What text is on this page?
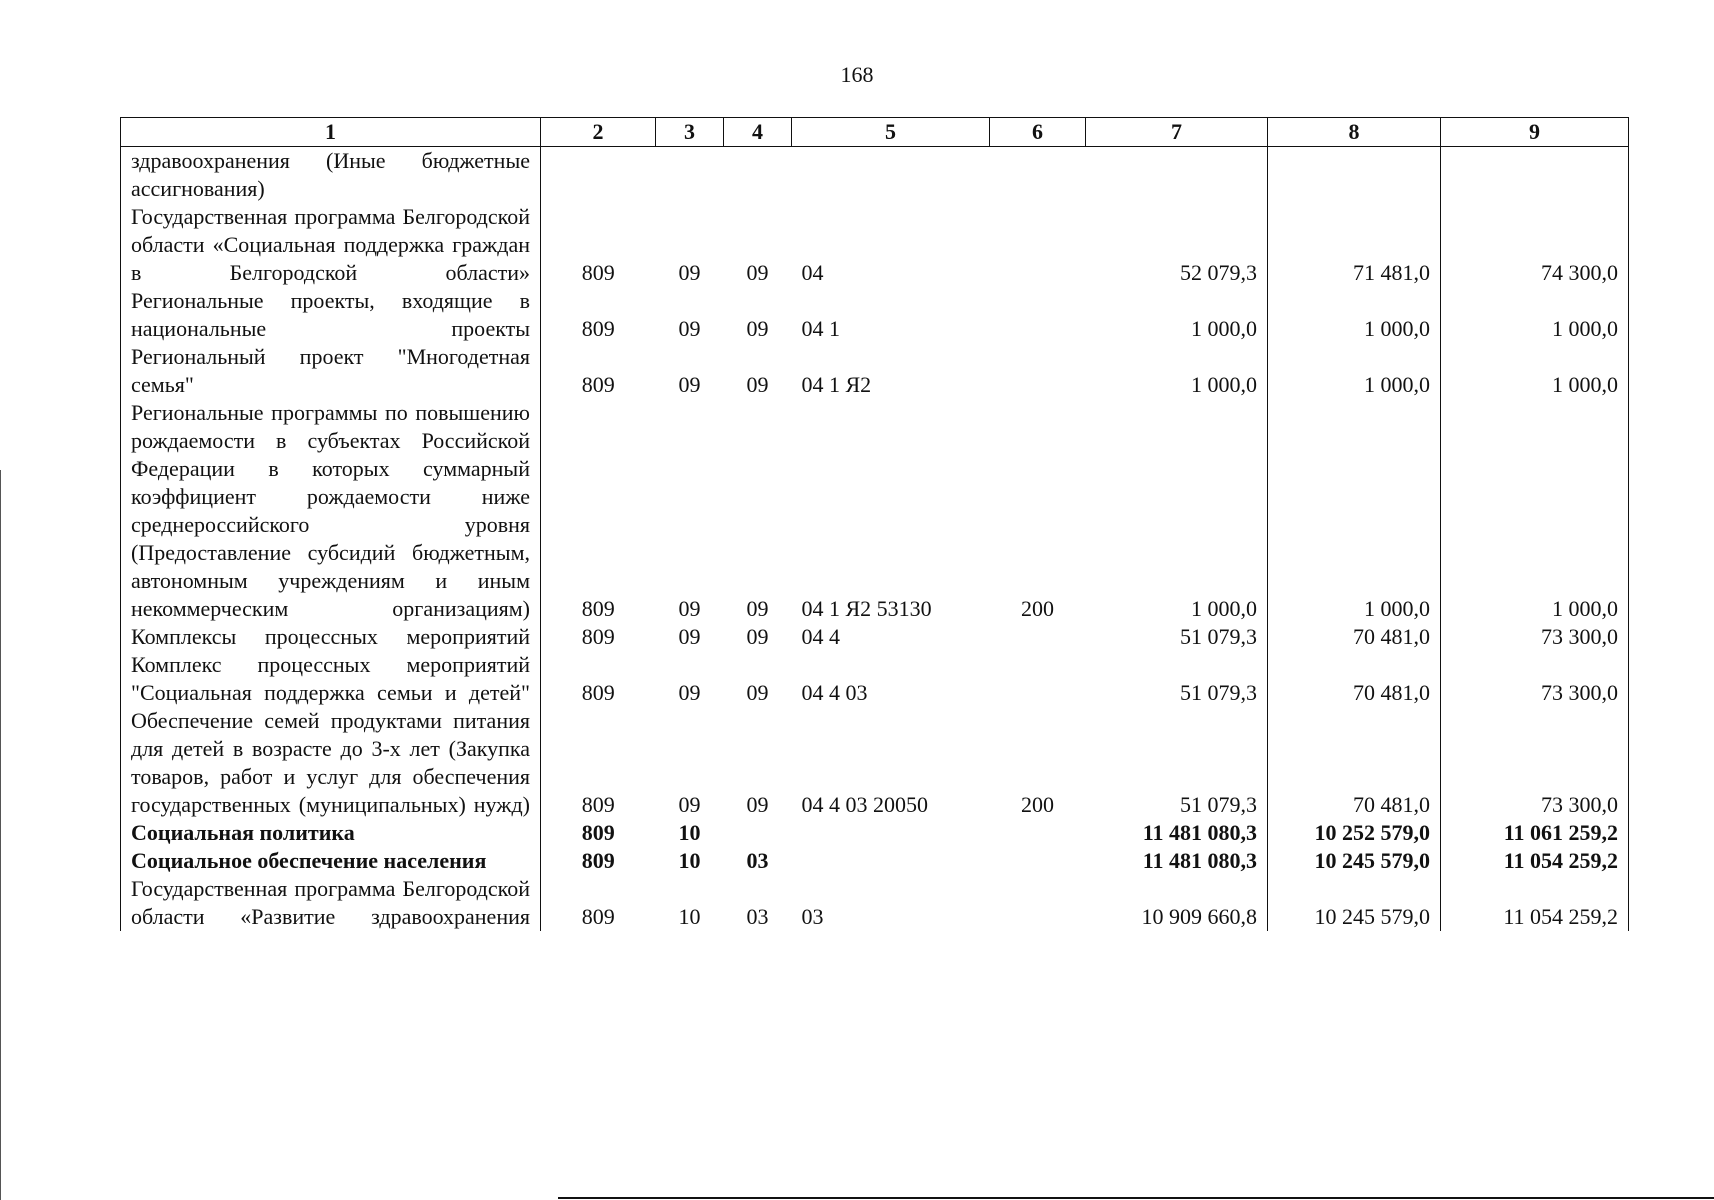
168
1	2	3	4	5	6	7	8	9
здравоохранения (Иные бюджетные ассигнования)								
Государственная программа Белгородской области «Социальная поддержка граждан в Белгородской области»	809	09	09	04		52 079,3	71 481,0	74 300,0
Региональные проекты, входящие в национальные проекты	809	09	09	04 1		1 000,0	1 000,0	1 000,0
Региональный проект "Многодетная семья"	809	09	09	04 1 Я2		1 000,0	1 000,0	1 000,0
Региональные программы по повышению рождаемости в субъектах Российской Федерации в которых суммарный коэффициент рождаемости ниже среднероссийского уровня (Предоставление субсидий бюджетным, автономным учреждениям и иным некоммерческим организациям)	809	09	09	04 1 Я2 53130	200	1 000,0	1 000,0	1 000,0
Комплексы процессных мероприятий	809	09	09	04 4		51 079,3	70 481,0	73 300,0
Комплекс процессных мероприятий "Социальная поддержка семьи и детей"	809	09	09	04 4 03		51 079,3	70 481,0	73 300,0
Обеспечение семей продуктами питания для детей в возрасте до 3-х лет (Закупка товаров, работ и услуг для обеспечения государственных (муниципальных) нужд)	809	09	09	04 4 03 20050	200	51 079,3	70 481,0	73 300,0
Социальная политика	809	10				11 481 080,3	10 252 579,0	11 061 259,2
Социальное обеспечение населения	809	10	03			11 481 080,3	10 245 579,0	11 054 259,2
Государственная программа Белгородской области «Развитие здравоохранения	809	10	03	03		10 909 660,8	10 245 579,0	11 054 259,2
